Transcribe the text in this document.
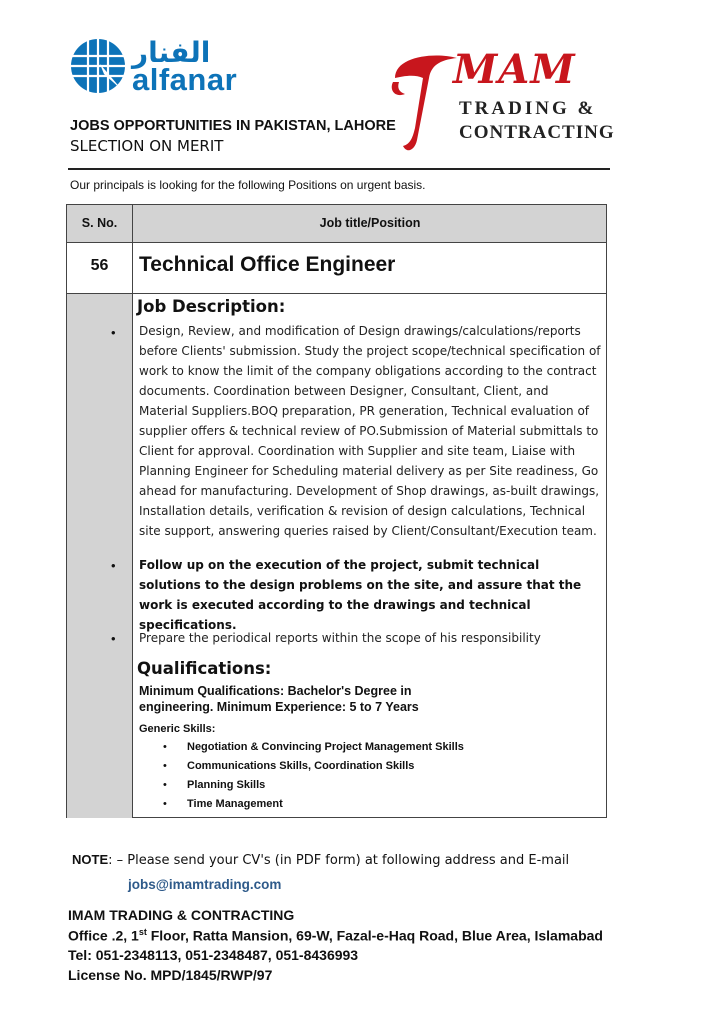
الفنار
alfanar	MAM
TRADING &
CONTRACTING
JOBS OPPORTUNITIES IN PAKISTAN, LAHORE
SLECTION ON MERIT
Our principals is looking for the following Positions on urgent basis.
S. No.	Job title/Position
56	Technical Office Engineer
Job Description:
• Design, Review, and modification of Design drawings/calculations/reports before Clients' submission. Study the project scope/technical specification of work to know the limit of the company obligations according to the contract documents. Coordination between Designer, Consultant, Client, and Material Suppliers.BOQ preparation, PR generation, Technical evaluation of supplier offers & technical review of PO.Submission of Material submittals to Client for approval. Coordination with Supplier and site team, Liaise with Planning Engineer for Scheduling material delivery as per Site readiness, Go ahead for manufacturing. Development of Shop drawings, as-built drawings, Installation details, verification & revision of design calculations, Technical site support, answering queries raised by Client/Consultant/Execution team.
• Follow up on the execution of the project, submit technical solutions to the design problems on the site, and assure that the work is executed according to the drawings and technical specifications.
• Prepare the periodical reports within the scope of his responsibility
Qualifications:
Minimum Qualifications: Bachelor's Degree in engineering. Minimum Experience: 5 to 7 Years
Generic Skills:
• Negotiation & Convincing Project Management Skills
• Communications Skills, Coordination Skills
• Planning Skills
• Time Management
NOTE: – Please send your CV's (in PDF form) at following address and E-mail
jobs@imamtrading.com
IMAM TRADING & CONTRACTING
Office .2, 1st Floor, Ratta Mansion, 69-W, Fazal-e-Haq Road, Blue Area, Islamabad
Tel: 051-2348113, 051-2348487, 051-8436993
License No. MPD/1845/RWP/97
